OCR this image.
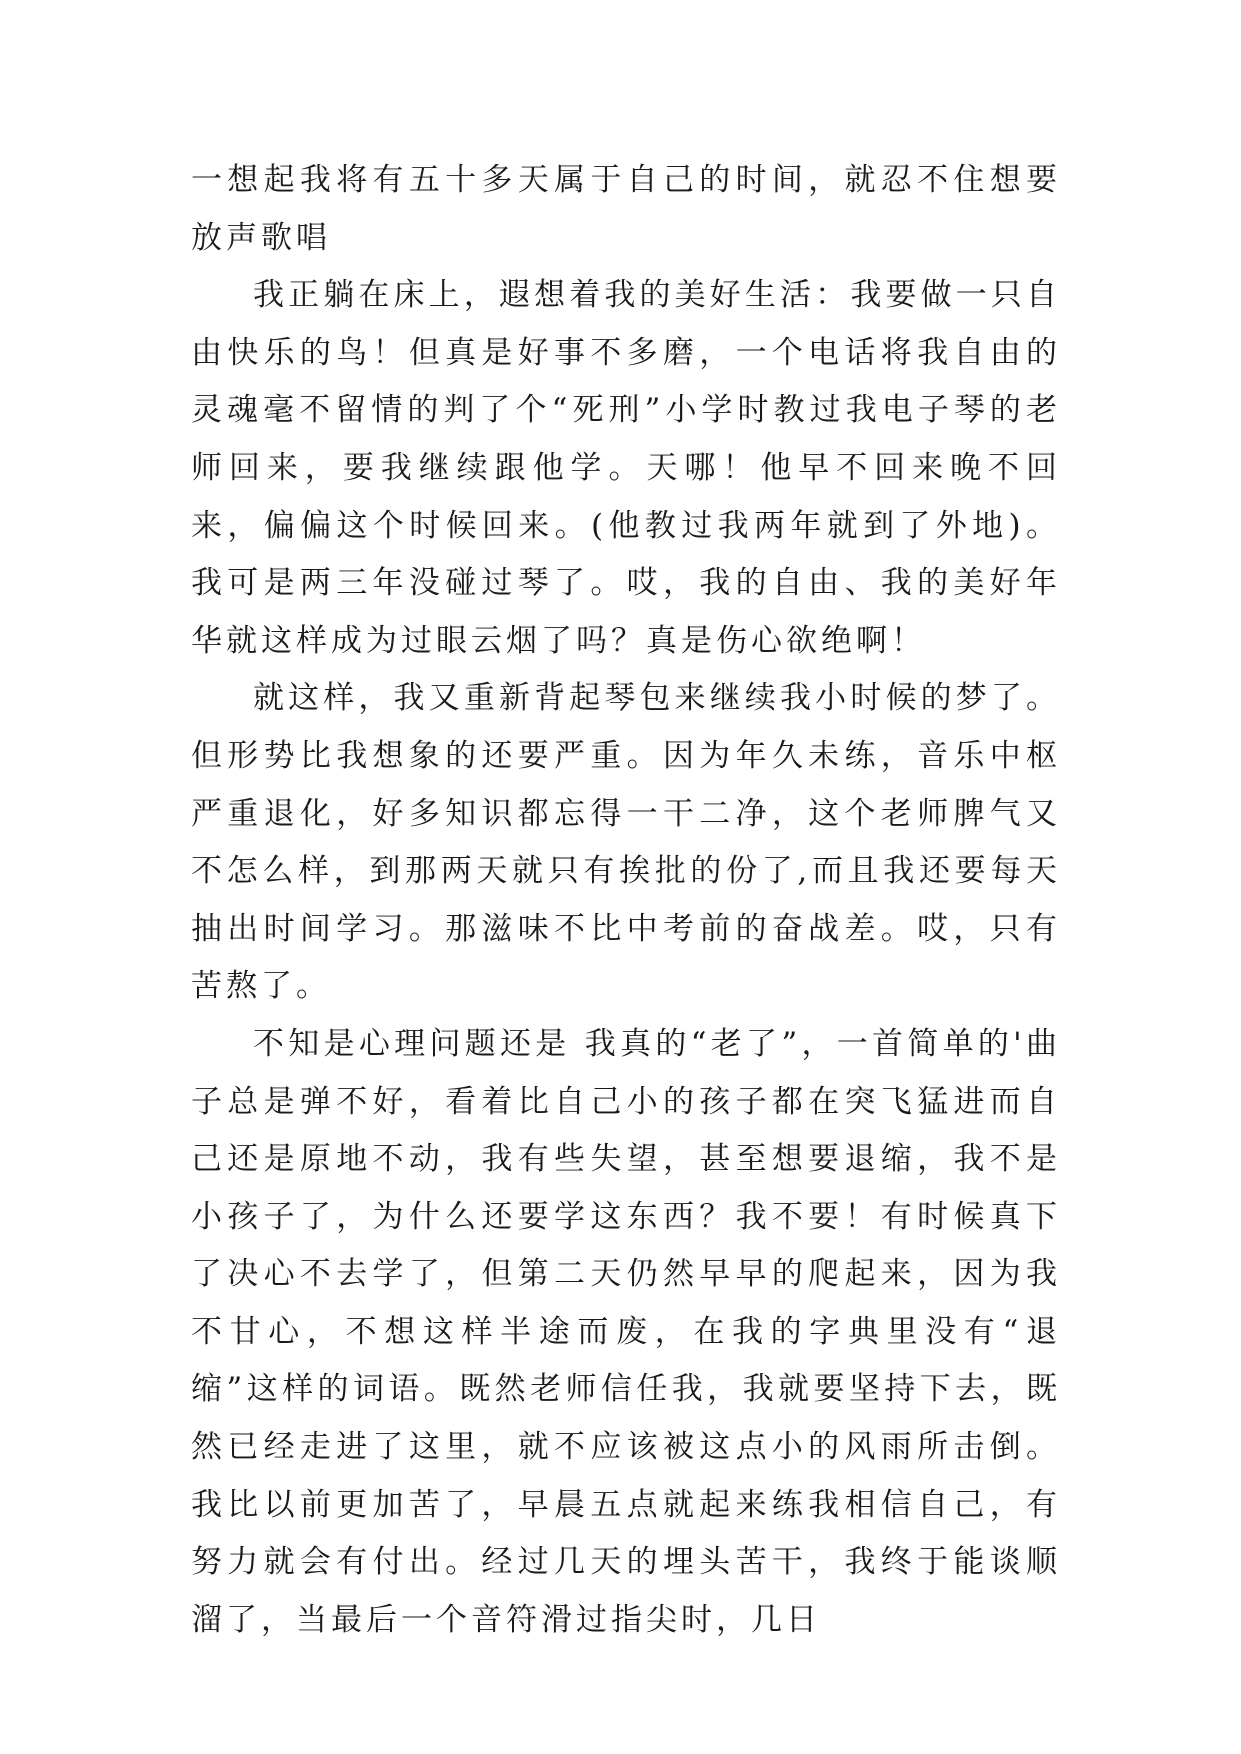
一想起我将有五十多天属于自己的时间，就忍不住想要放声歌唱

我正躺在床上，遐想着我的美好生活：我要做一只自由快乐的鸟！但真是好事不多磨，一个电话将我自由的灵魂毫不留情的判了个“死刑”小学时教过我电子琴的老师回来，要我继续跟他学。天哪！他早不回来晚不回来，偏偏这个时候回来。(他教过我两年就到了外地)。我可是两三年没碰过琴了。哎，我的自由、我的美好年华就这样成为过眼云烟了吗？真是伤心欲绝啊！

就这样，我又重新背起琴包来继续我小时候的梦了。但形势比我想象的还要严重。因为年久未练，音乐中枢严重退化，好多知识都忘得一干二净，这个老师脾气又不怎么样，到那两天就只有挨批的份了,而且我还要每天抽出时间学习。那滋味不比中考前的奋战差。哎，只有苦熬了。

不知是心理问题还是 我真的“老了”，一首简单的'曲子总是弹不好，看着比自己小的孩子都在突飞猛进而自己还是原地不动，我有些失望，甚至想要退缩，我不是小孩子了，为什么还要学这东西？我不要！有时候真下了决心不去学了，但第二天仍然早早的爬起来，因为我不甘心，不想这样半途而废，在我的字典里没有“退缩”这样的词语。既然老师信任我，我就要坚持下去，既然已经走进了这里，就不应该被这点小的风雨所击倒。我比以前更加苦了，早晨五点就起来练我相信自己，有努力就会有付出。经过几天的埋头苦干，我终于能谈顺溜了，当最后一个音符滑过指尖时，几日
